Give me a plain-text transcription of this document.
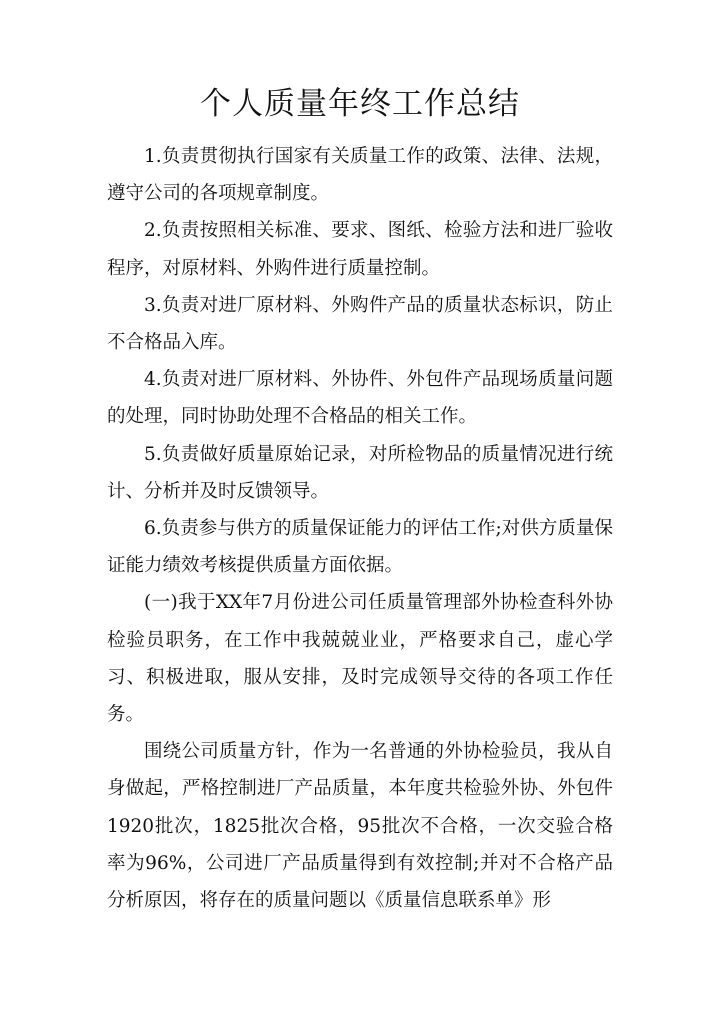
个人质量年终工作总结

1.负责贯彻执行国家有关质量工作的政策、法律、法规，遵守公司的各项规章制度。

2.负责按照相关标准、要求、图纸、检验方法和进厂验收程序，对原材料、外购件进行质量控制。

3.负责对进厂原材料、外购件产品的质量状态标识，防止不合格品入库。

4.负责对进厂原材料、外协件、外包件产品现场质量问题的处理，同时协助处理不合格品的相关工作。

5.负责做好质量原始记录，对所检物品的质量情况进行统计、分析并及时反馈领导。

6.负责参与供方的质量保证能力的评估工作;对供方质量保证能力绩效考核提供质量方面依据。

(一)我于XX年7月份进公司任质量管理部外协检查科外协检验员职务，在工作中我兢兢业业，严格要求自己，虚心学习、积极进取，服从安排，及时完成领导交待的各项工作任务。

围绕公司质量方针，作为一名普通的外协检验员，我从自身做起，严格控制进厂产品质量，本年度共检验外协、外包件1920批次，1825批次合格，95批次不合格，一次交验合格率为96%，公司进厂产品质量得到有效控制;并对不合格产品分析原因，将存在的质量问题以《质量信息联系单》形
